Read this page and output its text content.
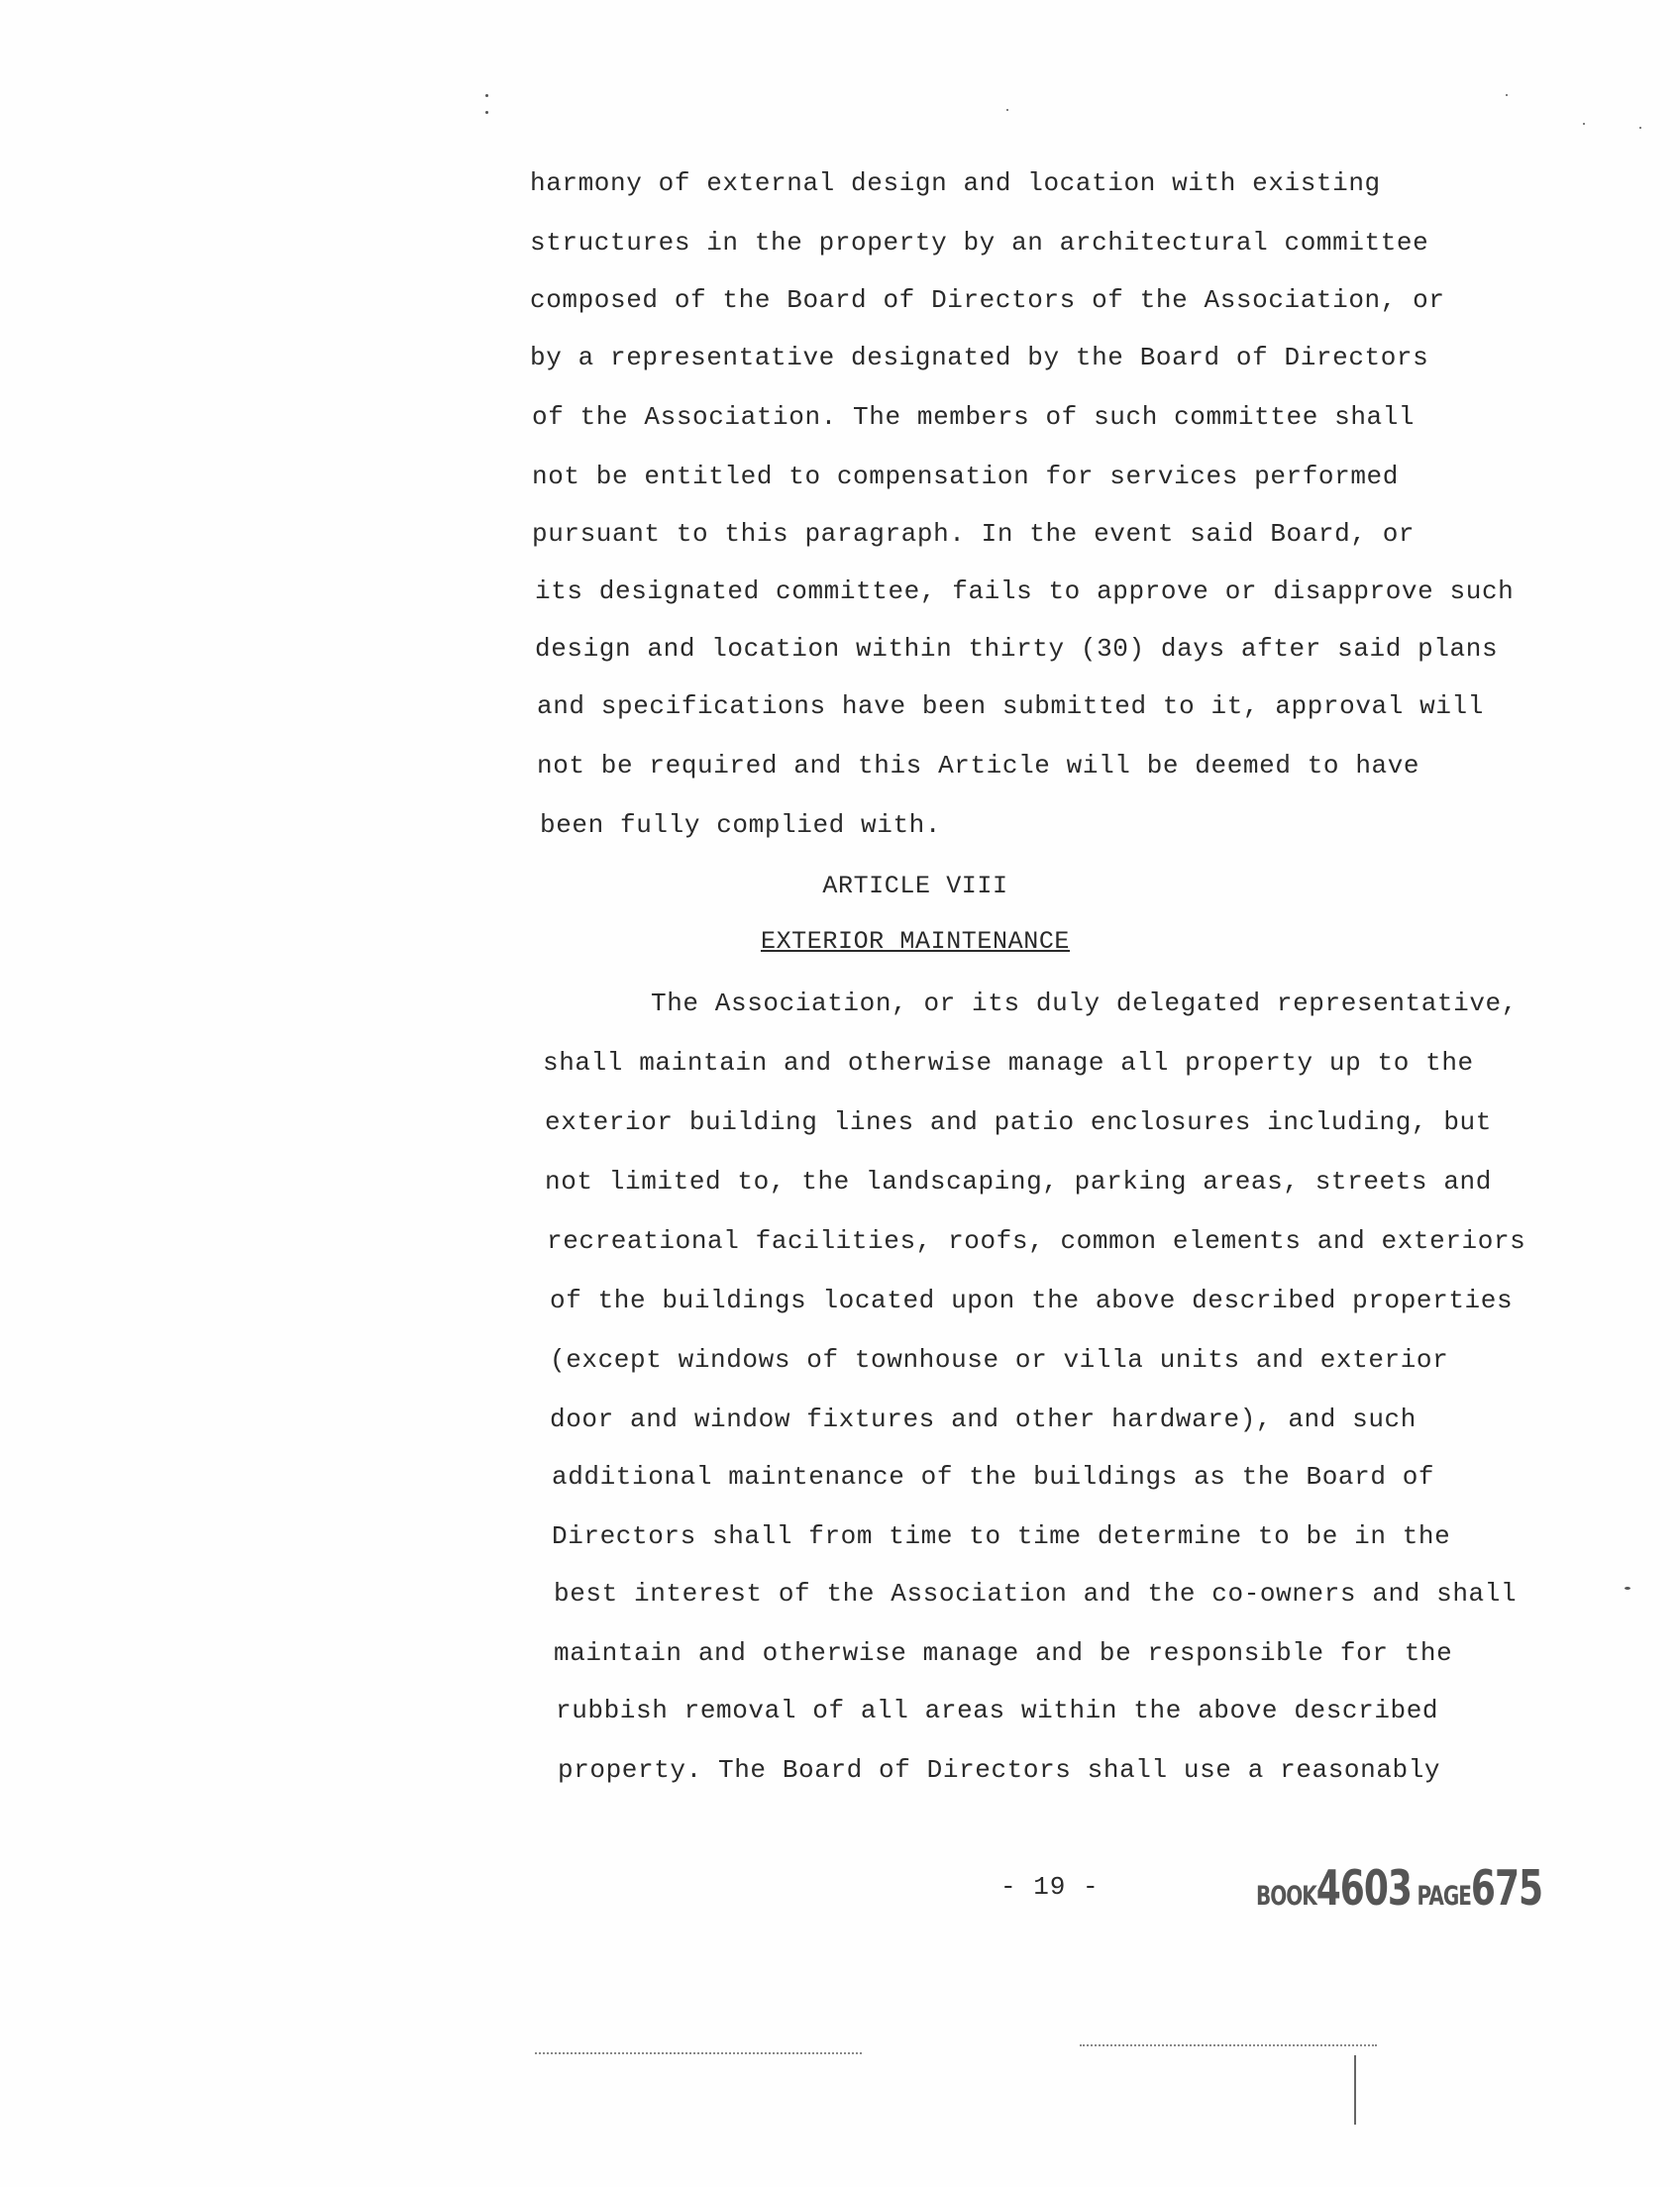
harmony of external design and location with existing
structures in the property by an architectural committee
composed of the Board of Directors of the Association, or
by a representative designated by the Board of Directors
of the Association. The members of such committee shall
not be entitled to compensation for services performed
pursuant to this paragraph. In the event said Board, or
its designated committee, fails to approve or disapprove such
design and location within thirty (30) days after said plans
and specifications have been submitted to it, approval will
not be required and this Article will be deemed to have
been fully complied with.
ARTICLE VIII
EXTERIOR MAINTENANCE
The Association, or its duly delegated representative,
shall maintain and otherwise manage all property up to the
exterior building lines and patio enclosures including, but
not limited to, the landscaping, parking areas, streets and
recreational facilities, roofs, common elements and exteriors
of the buildings located upon the above described properties
(except windows of townhouse or villa units and exterior
door and window fixtures and other hardware), and such
additional maintenance of the buildings as the Board of
Directors shall from time to time determine to be in the
best interest of the Association and the co-owners and shall
maintain and otherwise manage and be responsible for the
rubbish removal of all areas within the above described
property. The Board of Directors shall use a reasonably
- 19 -	BOOK4603 PAGE675
